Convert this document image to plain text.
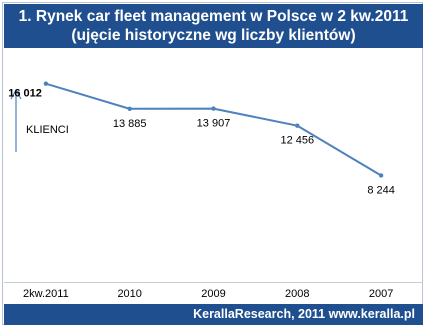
1. Rynek car fleet management w Polsce w 2 kw.2011
(ujęcie historyczne wg liczby klientów)
16 012
13 885	13 907
12 456
8 244
KLIENCI
2kw.2011	2010	2009	2008	2007
KerallaResearch, 2011 www.keralla.pl
